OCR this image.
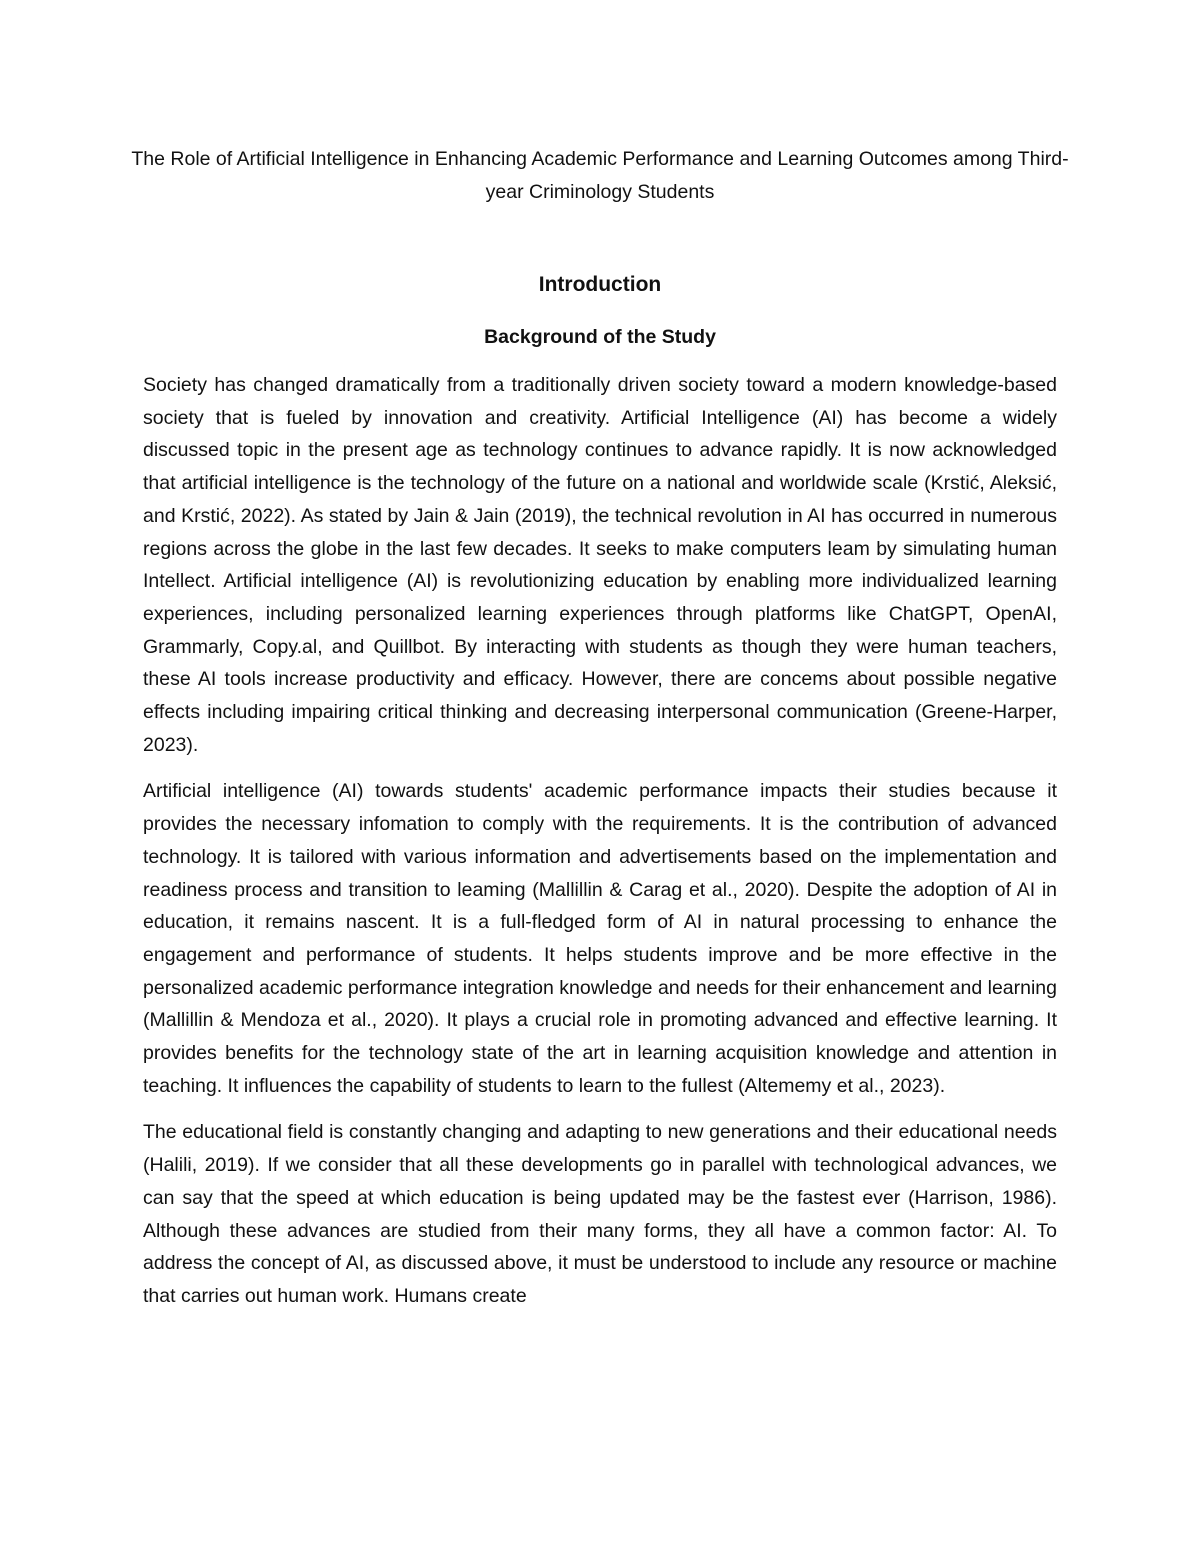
The Role of Artificial Intelligence in Enhancing Academic Performance and Learning Outcomes among Third-year Criminology Students
Introduction
Background of the Study

Society has changed dramatically from a traditionally driven society toward a modern knowledge-based society that is fueled by innovation and creativity. Artificial Intelligence (AI) has become a widely discussed topic in the present age as technology continues to advance rapidly. It is now acknowledged that artificial intelligence is the technology of the future on a national and worldwide scale (Krstić, Aleksić, and Krstić, 2022). As stated by Jain & Jain (2019), the technical revolution in AI has occurred in numerous regions across the globe in the last few decades. It seeks to make computers leam by simulating human Intellect. Artificial intelligence (AI) is revolutionizing education by enabling more individualized learning experiences, including personalized learning experiences through platforms like ChatGPT, OpenAI, Grammarly, Copy.al, and Quillbot. By interacting with students as though they were human teachers, these AI tools increase productivity and efficacy. However, there are concems about possible negative effects including impairing critical thinking and decreasing interpersonal communication (Greene-Harper, 2023).

Artificial intelligence (AI) towards students' academic performance impacts their studies because it provides the necessary infomation to comply with the requirements. It is the contribution of advanced technology. It is tailored with various information and advertisements based on the implementation and readiness process and transition to leaming (Mallillin & Carag et al., 2020). Despite the adoption of AI in education, it remains nascent. It is a full-fledged form of AI in natural processing to enhance the engagement and performance of students. It helps students improve and be more effective in the personalized academic performance integration knowledge and needs for their enhancement and learning (Mallillin & Mendoza et al., 2020). It plays a crucial role in promoting advanced and effective learning. It provides benefits for the technology state of the art in learning acquisition knowledge and attention in teaching. It influences the capability of students to learn to the fullest (Altememy et al., 2023).

The educational field is constantly changing and adapting to new generations and their educational needs (Halili, 2019). If we consider that all these developments go in parallel with technological advances, we can say that the speed at which education is being updated may be the fastest ever (Harrison, 1986). Although these advances are studied from their many forms, they all have a common factor: AI. To address the concept of AI, as discussed above, it must be understood to include any resource or machine that carries out human work. Humans create
